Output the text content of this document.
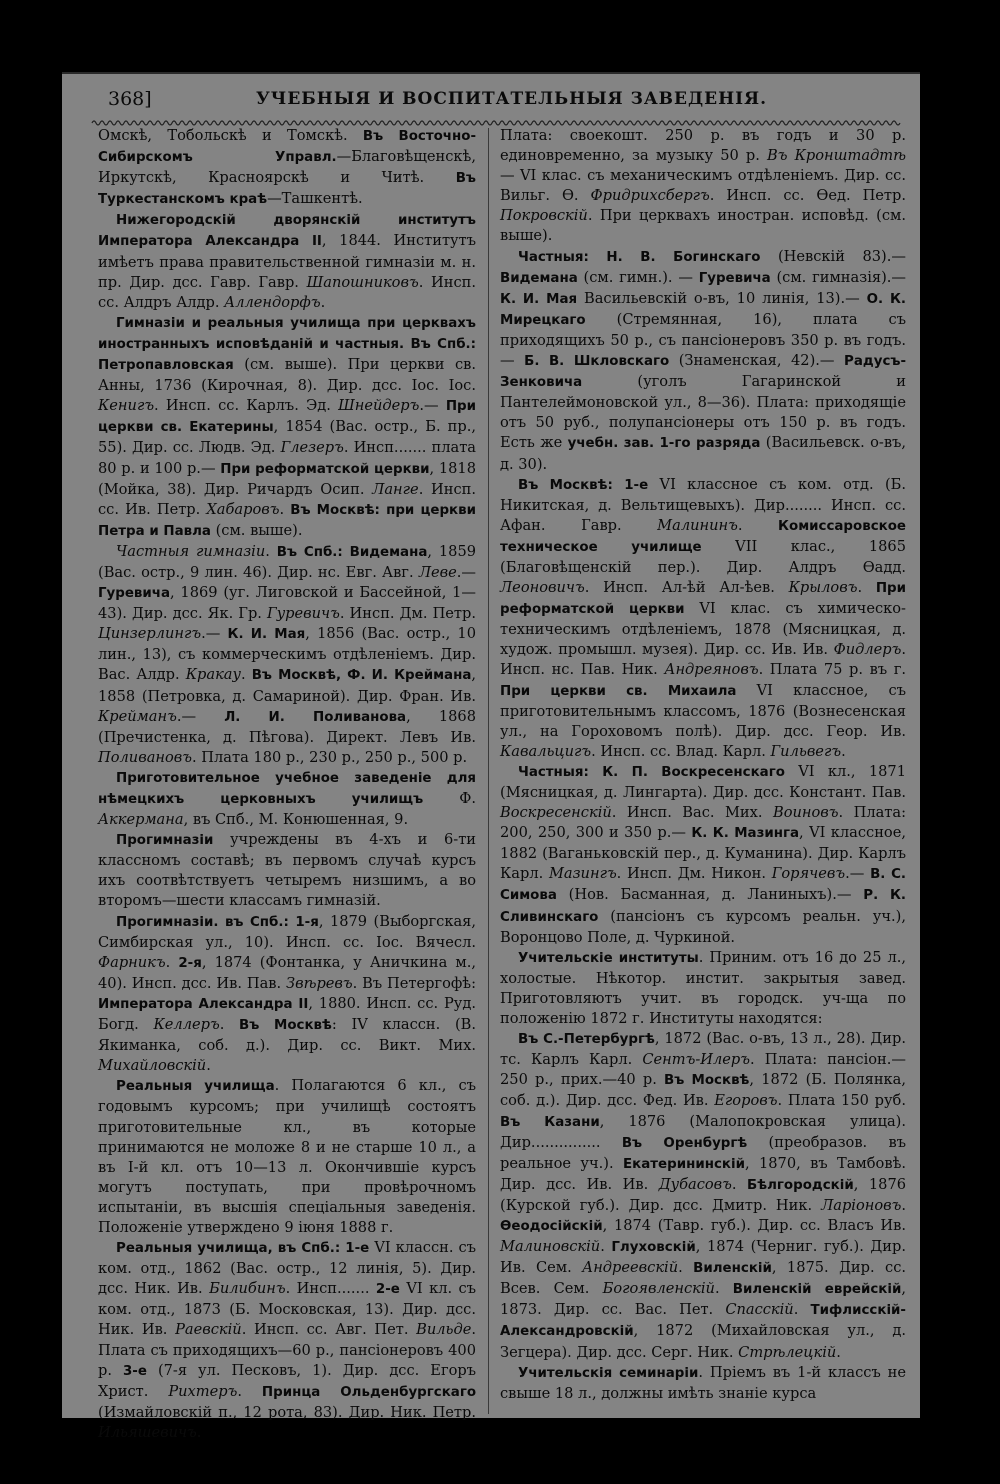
368]	УЧЕБНЫЯ И ВОСПИТАТЕЛЬНЫЯ ЗАВЕДЕНІЯ.

Омскѣ, Тобольскѣ и Томскѣ. Въ Восточно-Сибирскомъ Управл.—Благовѣщенскѣ, Иркутскѣ, Красноярскѣ и Читѣ. Въ Туркестанскомъ краѣ—Ташкентѣ.

Нижегородскій дворянскій институтъ Императора Александра II, 1844. Институтъ имѣетъ права правительственной гимназіи м. н. пр. Дир. дсс. Гавр. Гавр. Шапошниковъ. Инсп. сс. Алдръ Алдр. Аллендорфъ.

Гимназіи и реальныя училища при церквахъ иностранныхъ исповѣданій и частныя. Въ Спб.: Петропавловская (см. выше). При церкви св. Анны, 1736 (Кирочная, 8). Дир. дсс. Іос. Іос. Кенигъ. Инсп. сс. Карлъ. Эд. Шнейдеръ.— При церкви св. Екатерины, 1854 (Вас. остр., Б. пр., 55). Дир. сс. Людв. Эд. Глезеръ. Инсп....... плата 80 р. и 100 р.— При реформатской церкви, 1818 (Мойка, 38). Дир. Ричардъ Осип. Ланге. Инсп. сс. Ив. Петр. Хабаровъ. Въ Москвѣ: при церкви Петра и Павла (см. выше).

Частныя гимназіи. Въ Спб.: Видемана, 1859 (Вас. остр., 9 лин. 46). Дир. нс. Евг. Авг. Леве.— Гуревича, 1869 (уг. Лиговской и Бассейной, 1—43). Дир. дсс. Як. Гр. Гуревичъ. Инсп. Дм. Петр. Цинзерлингъ.— К. И. Мая, 1856 (Вас. остр., 10 лин., 13), съ коммерческимъ отдѣленіемъ. Дир. Вас. Алдр. Кракау. Въ Москвѣ, Ф. И. Креймана, 1858 (Петровка, д. Самариной). Дир. Фран. Ив. Крейманъ.— Л. И. Поливанова, 1868 (Пречистенка, д. Пѣгова). Директ. Левъ Ив. Поливановъ. Плата 180 р., 230 р., 250 р., 500 р.

Приготовительное учебное заведеніе для нѣмецкихъ церковныхъ училищъ Ф. Аккермана, въ Спб., М. Конюшенная, 9.

Прогимназіи учреждены въ 4-хъ и 6-ти классномъ составѣ; въ первомъ случаѣ курсъ ихъ соотвѣтствуетъ четыремъ низшимъ, а во второмъ—шести классамъ гимназій.

Прогимназіи. въ Спб.: 1-я, 1879 (Выборгская, Симбирская ул., 10). Инсп. сс. Іос. Вячесл. Фарникъ. 2-я, 1874 (Фонтанка, у Аничкина м., 40). Инсп. дсс. Ив. Пав. Звѣревъ. Въ Петергофѣ: Императора Александра II, 1880. Инсп. сс. Руд. Богд. Келлеръ. Въ Москвѣ: IV классн. (В. Якиманка, соб. д.). Дир. сс. Викт. Мих. Михайловскій.

Реальныя училища. Полагаются 6 кл., съ годовымъ курсомъ; при училищѣ состоятъ приготовительные кл., въ которые принимаются не моложе 8 и не старше 10 л., а въ І-й кл. отъ 10—13 л. Окончившіе курсъ могутъ поступать, при провѣрочномъ испытаніи, въ высшія спеціальныя заведенія. Положеніе утверждено 9 іюня 1888 г.

Реальныя училища, въ Спб.: 1-е VI классн. съ ком. отд., 1862 (Вас. остр., 12 линія, 5). Дир. дсс. Ник. Ив. Билибинъ. Инсп....... 2-е VI кл. съ ком. отд., 1873 (Б. Московская, 13). Дир. дсс. Ник. Ив. Раевскій. Инсп. сс. Авг. Пет. Вильде. Плата съ приходящихъ—60 р., пансіонеровъ 400 р. 3-е (7-я ул. Песковъ, 1). Дир. дсс. Егоръ Христ. Рихтеръ. Принца Ольденбургскаго (Измайловскій п., 12 рота, 83). Дир. Ник. Петр. Ильяшевичъ.

Плата: своекошт. 250 р. въ годъ и 30 р. единовременно, за музыку 50 р. Въ Кронштадтѣ — VI клас. съ механическимъ отдѣленіемъ. Дир. сс. Вильг. Ѳ. Фридрихсбергъ. Инсп. сс. Ѳед. Петр. Покровскій. При церквахъ иностран. исповѣд. (см. выше).

Частныя: Н. В. Богинскаго (Невскій 83).— Видемана (см. гимн.). — Гуревича (см. гимназія).— К. И. Мая Васильевскій о-въ, 10 линія, 13).— О. К. Мирецкаго (Стремянная, 16), плата съ приходящихъ 50 р., съ пансіонеровъ 350 р. въ годъ.— Б. В. Шкловскаго (Знаменская, 42).— Радусъ-Зенковича (уголъ Гагаринской и Пантелеймоновской ул., 8—36). Плата: приходящіе отъ 50 руб., полупансіонеры отъ 150 р. въ годъ. Есть же учебн. зав. 1-го разряда (Васильевск. о-въ, д. 30).

Въ Москвѣ: 1-е VI классное съ ком. отд. (Б. Никитская, д. Вельтищевыхъ). Дир........ Инсп. сс. Афан. Гавр. Малининъ. Комиссаровское техническое училище VII клас., 1865 (Благовѣщенскій пер.). Дир. Алдръ Ѳадд. Леоновичъ. Инсп. Ал-ѣй Ал-ѣев. Крыловъ. При реформатской церкви VI клас. съ химическо-техническимъ отдѣленіемъ, 1878 (Мясницкая, д. худож. промышл. музея). Дир. сс. Ив. Ив. Фидлеръ. Инсп. нс. Пав. Ник. Андреяновъ. Плата 75 р. въ г. При церкви св. Михаила VI классное, съ приготовительнымъ классомъ, 1876 (Вознесенская ул., на Гороховомъ полѣ). Дир. дсс. Геор. Ив. Кавальцигъ. Инсп. сс. Влад. Карл. Гильвегъ.

Частныя: К. П. Воскресенскаго VI кл., 1871 (Мясницкая, д. Лингарта). Дир. дсс. Констант. Пав. Воскресенскій. Инсп. Вас. Мих. Воиновъ. Плата: 200, 250, 300 и 350 р.— К. К. Мазинга, VI классное, 1882 (Ваганьковскій пер., д. Куманина). Дир. Карлъ Карл. Мазингъ. Инсп. Дм. Никон. Горячевъ.— В. С. Симова (Нов. Басманная, д. Ланиныхъ).— Р. К. Сливинскаго (пансіонъ съ курсомъ реальн. уч.), Воронцово Поле, д. Чуркиной.

Учительскіе институты. Приним. отъ 16 до 25 л., холостые. Нѣкотор. инстит. закрытыя завед. Приготовляютъ учит. въ городск. уч-ща по положенію 1872 г. Институты находятся:

Въ С.-Петербургѣ, 1872 (Вас. о-въ, 13 л., 28). Дир. тс. Карлъ Карл. Сентъ-Илеръ. Плата: пансіон.—250 р., прих.—40 р. Въ Москвѣ, 1872 (Б. Полянка, соб. д.). Дир. дсс. Фед. Ив. Егоровъ. Плата 150 руб. Въ Казани, 1876 (Малопокровская улица). Дир............... Въ Оренбургѣ (преобразов. въ реальное уч.). Екатерининскій, 1870, въ Тамбовѣ. Дир. дсс. Ив. Ив. Дубасовъ. Бѣлгородскій, 1876 (Курской губ.). Дир. дсс. Дмитр. Ник. Ларіоновъ. Ѳеодосійскій, 1874 (Тавр. губ.). Дир. сс. Власъ Ив. Малиновскій. Глуховскій, 1874 (Черниг. губ.). Дир. Ив. Сем. Андреевскій. Виленскій, 1875. Дир. сс. Всев. Сем. Богоявленскій. Виленскій еврейскій, 1873. Дир. сс. Вас. Пет. Спасскій. Тифлисскій-Александровскій, 1872 (Михайловская ул., д. Зегцера). Дир. дсс. Серг. Ник. Стрѣлецкій.

Учительскія семинаріи. Пріемъ въ 1-й классъ не свыше 18 л., должны имѣть знаніе курса
